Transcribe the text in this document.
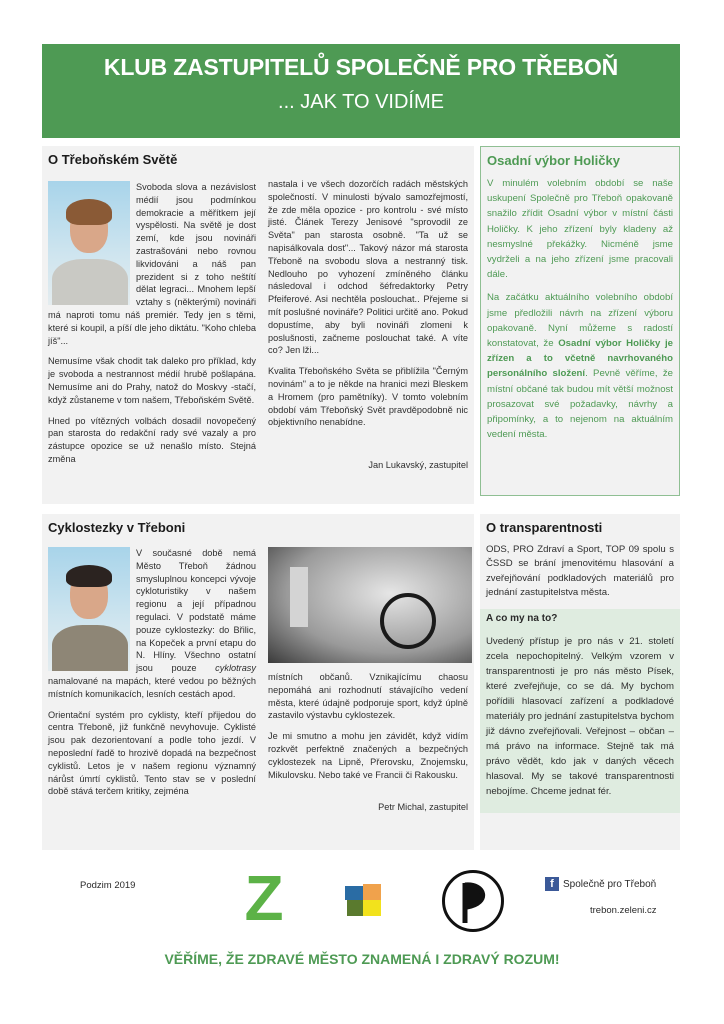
KLUB ZASTUPITELŮ SPOLEČNĚ PRO TŘEBOŇ
... JAK TO VIDÍME
O Třeboňském Světě

Svoboda slova a nezávislost médií jsou podmínkou demokracie a měřítkem její vyspělosti. Na světě je dost zemí, kde jsou novináři zastrašováni nebo rovnou likvidováni a náš pan prezident si z toho neštítí dělat legraci... Mnohem lepší vztahy s (některými) novináři má naproti tomu náš premiér. Tedy jen s těmi, které si koupil, a píší dle jeho diktátu. "Koho chleba jíš"...

Nemusíme však chodit tak daleko pro příklad, kdy je svoboda a nestrannost médií hrubě pošlapána. Nemusíme ani do Prahy, natož do Moskvy -stačí, když zůstaneme v tom našem, Třeboňském Světě.

Hned po vítězných volbách dosadil novopečený pan starosta do redakční rady své vazaly a pro zástupce opozice se už nenašlo místo. Stejná změna

nastala i ve všech dozorčích radách městských společností. V minulosti bývalo samozřejmostí, že zde měla opozice - pro kontrolu - své místo jisté. Článek Terezy Jenisové "sprovodil ze Světa" pan starosta osobně. "Ta už se napisálkovala dost"... Takový názor má starosta Třeboně na svobodu slova a nestranný tisk. Nedlouho po vyhození zmíněného článku následoval i odchod šéfredaktorky Petry Pfeiferové. Asi nechtěla poslouchat.. Přejeme si mít poslušné novináře? Politici určitě ano. Pokud dopustíme, aby byli novináři zlomeni k poslušnosti, začneme poslouchat také. A víte co? Jen lži...

Kvalita Třeboňského Světa se přiblížila "Černým novinám" a to je někde na hranici mezi Bleskem a Hromem (pro pamětníky). V tomto volebním období vám Třeboňský Svět pravděpodobně nic objektivního nenabídne.

Jan Lukavský, zastupitel
Osadní výbor Holičky

V minulém volebním období se naše uskupení Společně pro Třeboň opakovaně snažilo zřídit Osadní výbor v místní části Holičky. K jeho zřízení byly kladeny až nesmyslné překážky. Nicméně jsme vydrželi a na jeho zřízení jsme pracovali dále.

Na začátku aktuálního volebního období jsme předložili návrh na zřízení výboru opakovaně. Nyní můžeme s radostí konstatovat, že Osadní výbor Holičky je zřízen a to včetně navrhovaného personálního složení. Pevně věříme, že místní občané tak budou mít větší možnost prosazovat své požadavky, návrhy a připomínky, a to nejenom na aktuálním vedení města.

Cyklostezky v Třeboni

V současné době nemá Město Třeboň žádnou smysluplnou koncepci vývoje cykloturistiky v našem regionu a její případnou regulaci. V podstatě máme pouze cyklostezky: do Břilic, na Kopeček a první etapu do N. Hlíny. Všechno ostatní jsou pouze cyklotrasy namalované na mapách, které vedou po běžných místních komunikacích, lesních cestách apod.

Orientační systém pro cyklisty, kteří přijedou do centra Třeboně, již funkčně nevyhovuje. Cyklisté jsou pak dezorientovaní a podle toho jezdí. V neposlední řadě to hrozivě dopadá na bezpečnost cyklistů. Letos je v našem regionu významný nárůst úmrtí cyklistů. Tento stav se v poslední době stává terčem kritiky, zejména

místních občanů. Vznikajícímu chaosu nepomáhá ani rozhodnutí stávajícího vedení města, které údajně podporuje sport, když úplně zastavilo výstavbu cyklostezek.

Je mi smutno a mohu jen závidět, když vidím rozkvět perfektně značených a bezpečných cyklostezek na Lipně, Přerovsku, Znojemsku, Mikulovsku. Nebo také ve Francii či Rakousku.

Petr Michal, zastupitel
O transparentnosti

ODS, PRO Zdraví a Sport, TOP 09 spolu s ČSSD se brání jmenovitému hlasování a zveřejňování podkladových materiálů pro jednání zastupitelstva města.

A co my na to?

Uvedený přístup je pro nás v 21. století zcela nepochopitelný. Velkým vzorem v transparentnosti je pro nás město Písek, které zveřejňuje, co se dá. My bychom pořídili hlasovací zařízení a podkladové materiály pro jednání zastupitelstva bychom již dávno zveřejňovali. Veřejnost – občan – má právo na informace. Stejně tak má právo vědět, kdo jak v daných věcech hlasoval. My se takové transparentnosti nebojíme. Chceme jednat fér.

Podzim 2019 Z	f Společně pro Třeboň
trebon.zeleni.cz
VĚŘÍME, ŽE ZDRAVÉ MĚSTO ZNAMENÁ I ZDRAVÝ ROZUM!
